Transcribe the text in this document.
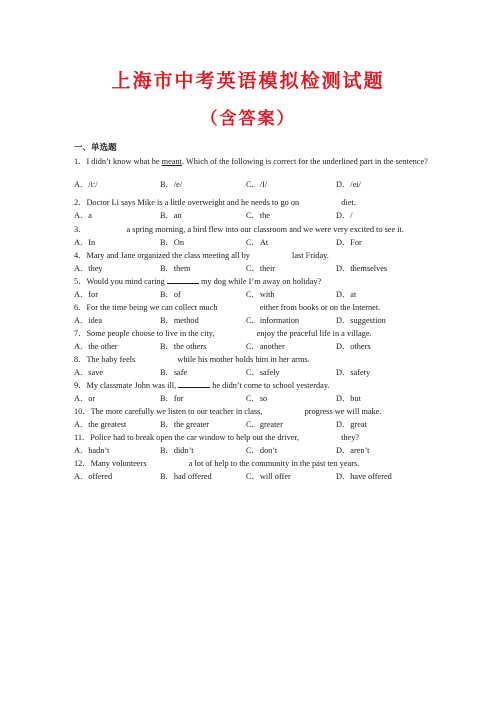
上海市中考英语模拟检测试题
（含答案）
一、单选题
1．I didn’t know what he meant. Which of the following is correct for the underlined part in the sentence?
A．/i:/	B．/e/	C．/I/	D．/ei/
2．Doctor Li says Mike is a little overweight and he needs to go on	diet.
A．a	B．an	C．the	D．/
3．	a spring morning, a bird flew into our classroom and we were very excited to see it.
A．In	B．On	C．At	D．For
4．Mary and Jane organized the class meeting all by	last Friday.
A．they	B．them	C．their	D．themselves
5．Would you mind caring	my dog while I’m away on holiday?
A．for	B．of	C．with	D．at
6．For the time being we can collect much	either from books or on the Internet.
A．idea	B．method	C．information	D．suggestion
7．Some people choose to live in the city,	enjoy the peaceful life in a village.
A．the other	B．the others	C．another	D．others
8．The baby feels	while his mother holds him in her arms.
A．save	B．safe	C．safely	D．safety
9．My classmate John was ill,	he didn’t come to school yesterday.
A．or	B．for	C．so	D．but
10．The more carefully we listen to our teacher in class,	progress we will make.
A．the greatest	B．the greater	C．greater	D．great
11．Police had to break open the car window to help out the driver,	they?
A．hadn’t	B．didn’t	C．don’t	D．aren’t
12．Many volunteers	a lot of help to the community in the past ten years.
A．offered	B．had offered	C．will offer	D．have offered
